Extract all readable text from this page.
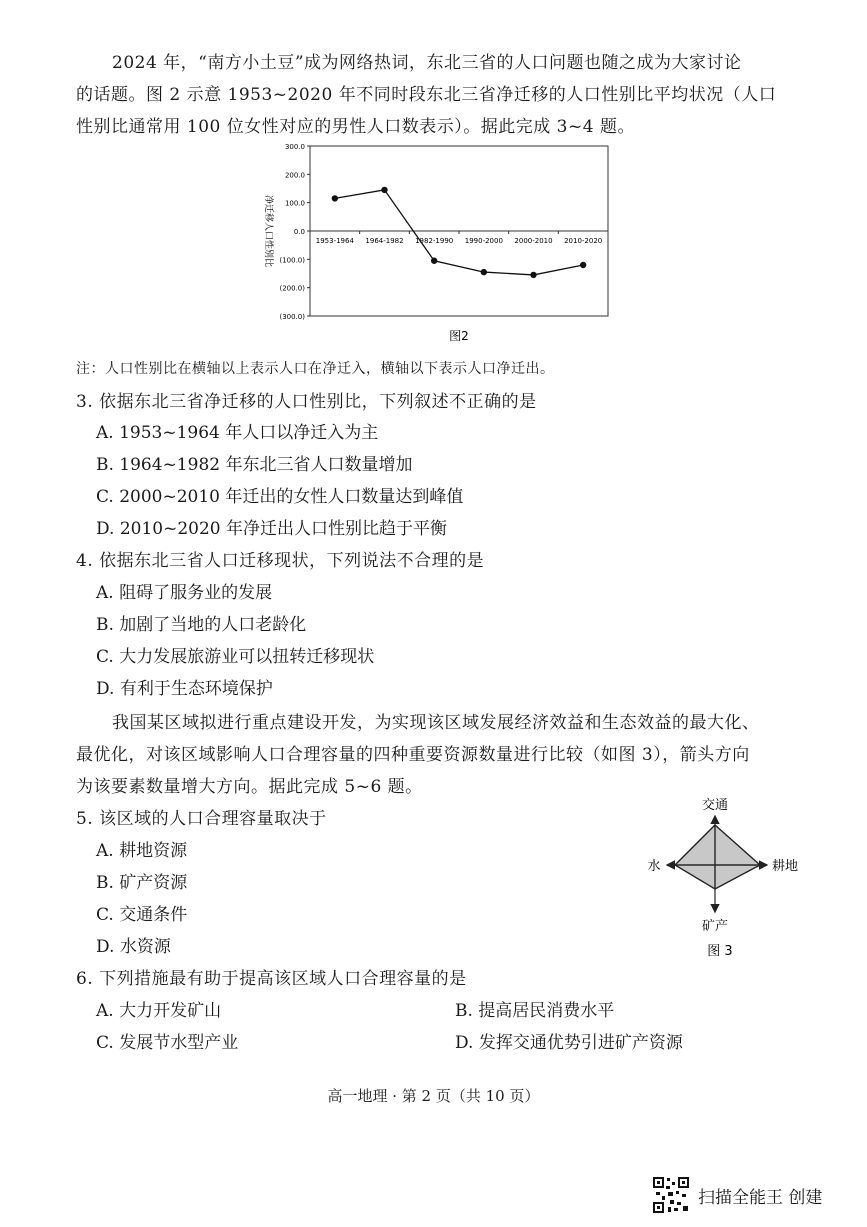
2024 年，“南方小土豆”成为网络热词，东北三省的人口问题也随之成为大家讨论
的话题。图 2 示意 1953~2020 年不同时段东北三省净迁移的人口性别比平均状况（人口
性别比通常用 100 位女性对应的男性人口数表示）。据此完成 3~4 题。
300.0
200.0
100.0
0.0
(100.0)
(200.0)
(300.0)
1953-1964 1964-1982 1982-1990 1990-2000 2000-2010 2010-2020
净迁移人口性别比
图2
注：人口性别比在横轴以上表示人口在净迁入，横轴以下表示人口净迁出。
3. 依据东北三省净迁移的人口性别比，下列叙述不正确的是
A. 1953~1964 年人口以净迁入为主
B. 1964~1982 年东北三省人口数量增加
C. 2000~2010 年迁出的女性人口数量达到峰值
D. 2010~2020 年净迁出人口性别比趋于平衡
4. 依据东北三省人口迁移现状，下列说法不合理的是
A. 阻碍了服务业的发展
B. 加剧了当地的人口老龄化
C. 大力发展旅游业可以扭转迁移现状
D. 有利于生态环境保护
我国某区域拟进行重点建设开发，为实现该区域发展经济效益和生态效益的最大化、
最优化，对该区域影响人口合理容量的四种重要资源数量进行比较（如图 3），箭头方向
为该要素数量增大方向。据此完成 5~6 题。
5. 该区域的人口合理容量取决于
A. 耕地资源
B. 矿产资源
C. 交通条件
D. 水资源
交通
水	耕地
矿产
图 3
6. 下列措施最有助于提高该区域人口合理容量的是
A. 大力开发矿山	B. 提高居民消费水平
C. 发展节水型产业	D. 发挥交通优势引进矿产资源
高一地理 · 第 2 页（共 10 页）
扫描全能王 创建
